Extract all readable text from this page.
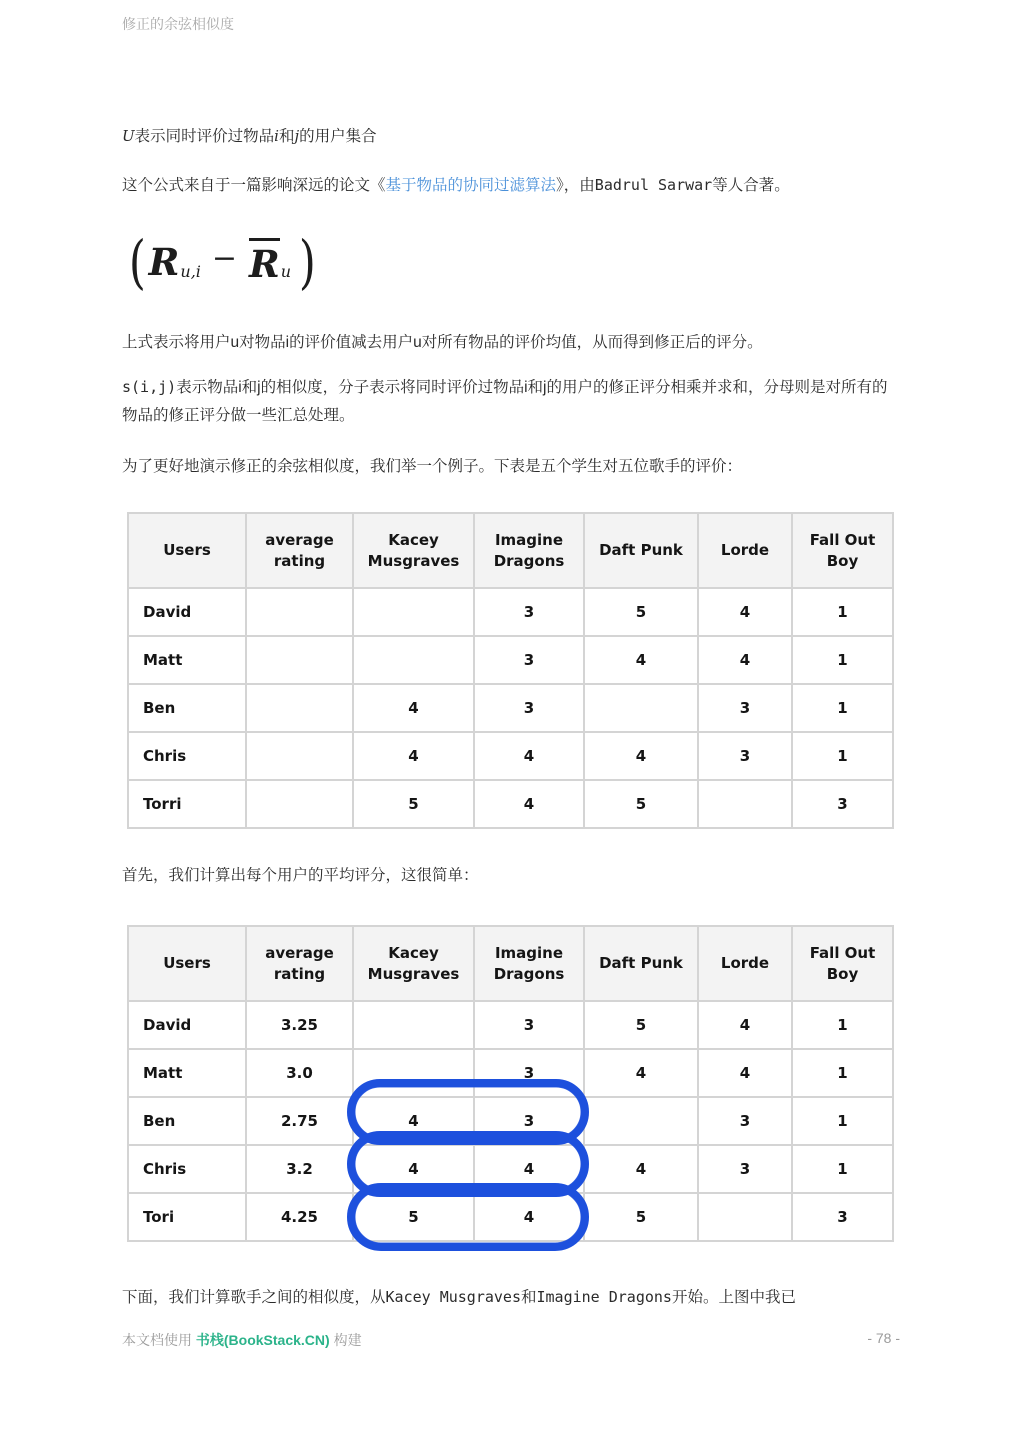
修正的余弦相似度
U表示同时评价过物品i和j的用户集合
这个公式来自于一篇影响深远的论文《基于物品的协同过滤算法》，由Badrul Sarwar等人合著。
( $R_{u,i} - R_u$ )
上式表示将用户u对物品i的评价值减去用户u对所有物品的评价均值，从而得到修正后的评分。
s(i,j)表示物品i和j的相似度，分子表示将同时评价过物品i和j的用户的修正评分相乘并求和，分母则是对所有的物品的修正评分做一些汇总处理。
为了更好地演示修正的余弦相似度，我们举一个例子。下表是五个学生对五位歌手的评价：
Users	average rating	Kacey Musgraves	Imagine Dragons	Daft Punk	Lorde	Fall Out Boy
David			3	5	4	1
Matt			3	4	4	1
Ben		4	3		3	1
Chris		4	4	4	3	1
Torri		5	4	5		3
首先，我们计算出每个用户的平均评分，这很简单：
Users	average rating	Kacey Musgraves	Imagine Dragons	Daft Punk	Lorde	Fall Out Boy
David	3.25		3	5	4	1
Matt	3.0		3	4	4	1
Ben	2.75	4	3		3	1
Chris	3.2	4	4	4	3	1
Tori	4.25	5	4	5		3
下面，我们计算歌手之间的相似度，从Kacey Musgraves和Imagine Dragons开始。上图中我已
本文档使用 书栈(BookStack.CN) 构建	- 78 -
